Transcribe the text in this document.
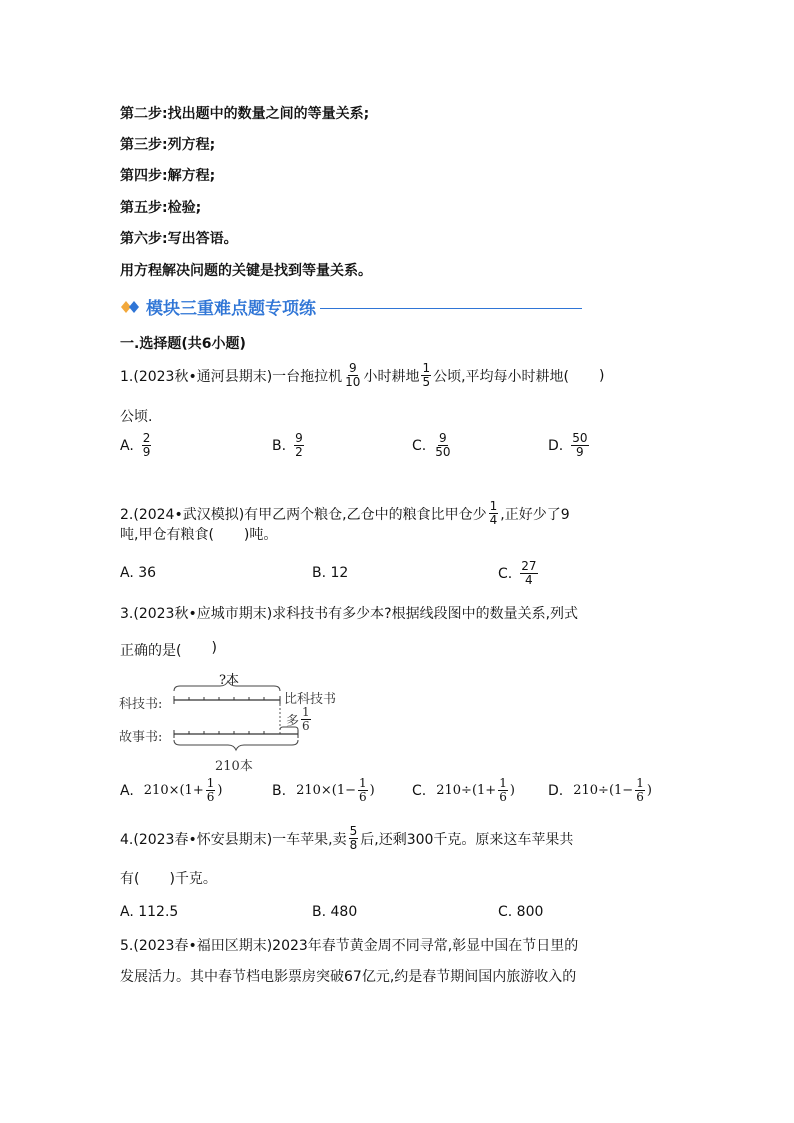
第二步:找出题中的数量之间的等量关系;
第三步:列方程;
第四步:解方程;
第五步:检验;
第六步:写出答语。
用方程解决问题的关键是找到等量关系。
模块三重难点题专项练
一.选择题(共6小题)
1.(2023秋•通河县期末)一台拖拉机 $\frac{9}{10}$ 小时耕地 $\frac{1}{5}$ 公顷,平均每小时耕地( )
公顷.
A. $\frac{2}{9}$	B. $\frac{9}{2}$	C. $\frac{9}{50}$	D. $\frac{50}{9}$
2.(2024•武汉模拟)有甲乙两个粮仓,乙仓中的粮食比甲仓少 $\frac{1}{4}$ ,正好少了9
吨,甲仓有粮食( )吨。
A. 36	B. 12	C. $\frac{27}{4}$
3.(2023秋•应城市期末)求科技书有多少本?根据线段图中的数量关系,列式
正确的是( )
?本
科技书:
故事书:
比科技书
多 $\frac{1}{6}$
210本
A. $210\times(1+ \frac{1}{6}$ )	B. $210\times(1- \frac{1}{6}$ )	C. $210\div(1+ \frac{1}{6}$ ) D. $210\div(1- \frac{1}{6}$ )
4.(2023春•怀安县期末)一车苹果,卖 $\frac{5}{8}$ 后,还剩300千克。原来这车苹果共
有( )千克。
A. 112.5	B. 480	C. 800
5.(2023春•福田区期末)2023年春节黄金周不同寻常,彰显中国在节日里的
发展活力。其中春节档电影票房突破67亿元,约是春节期间国内旅游收入的
